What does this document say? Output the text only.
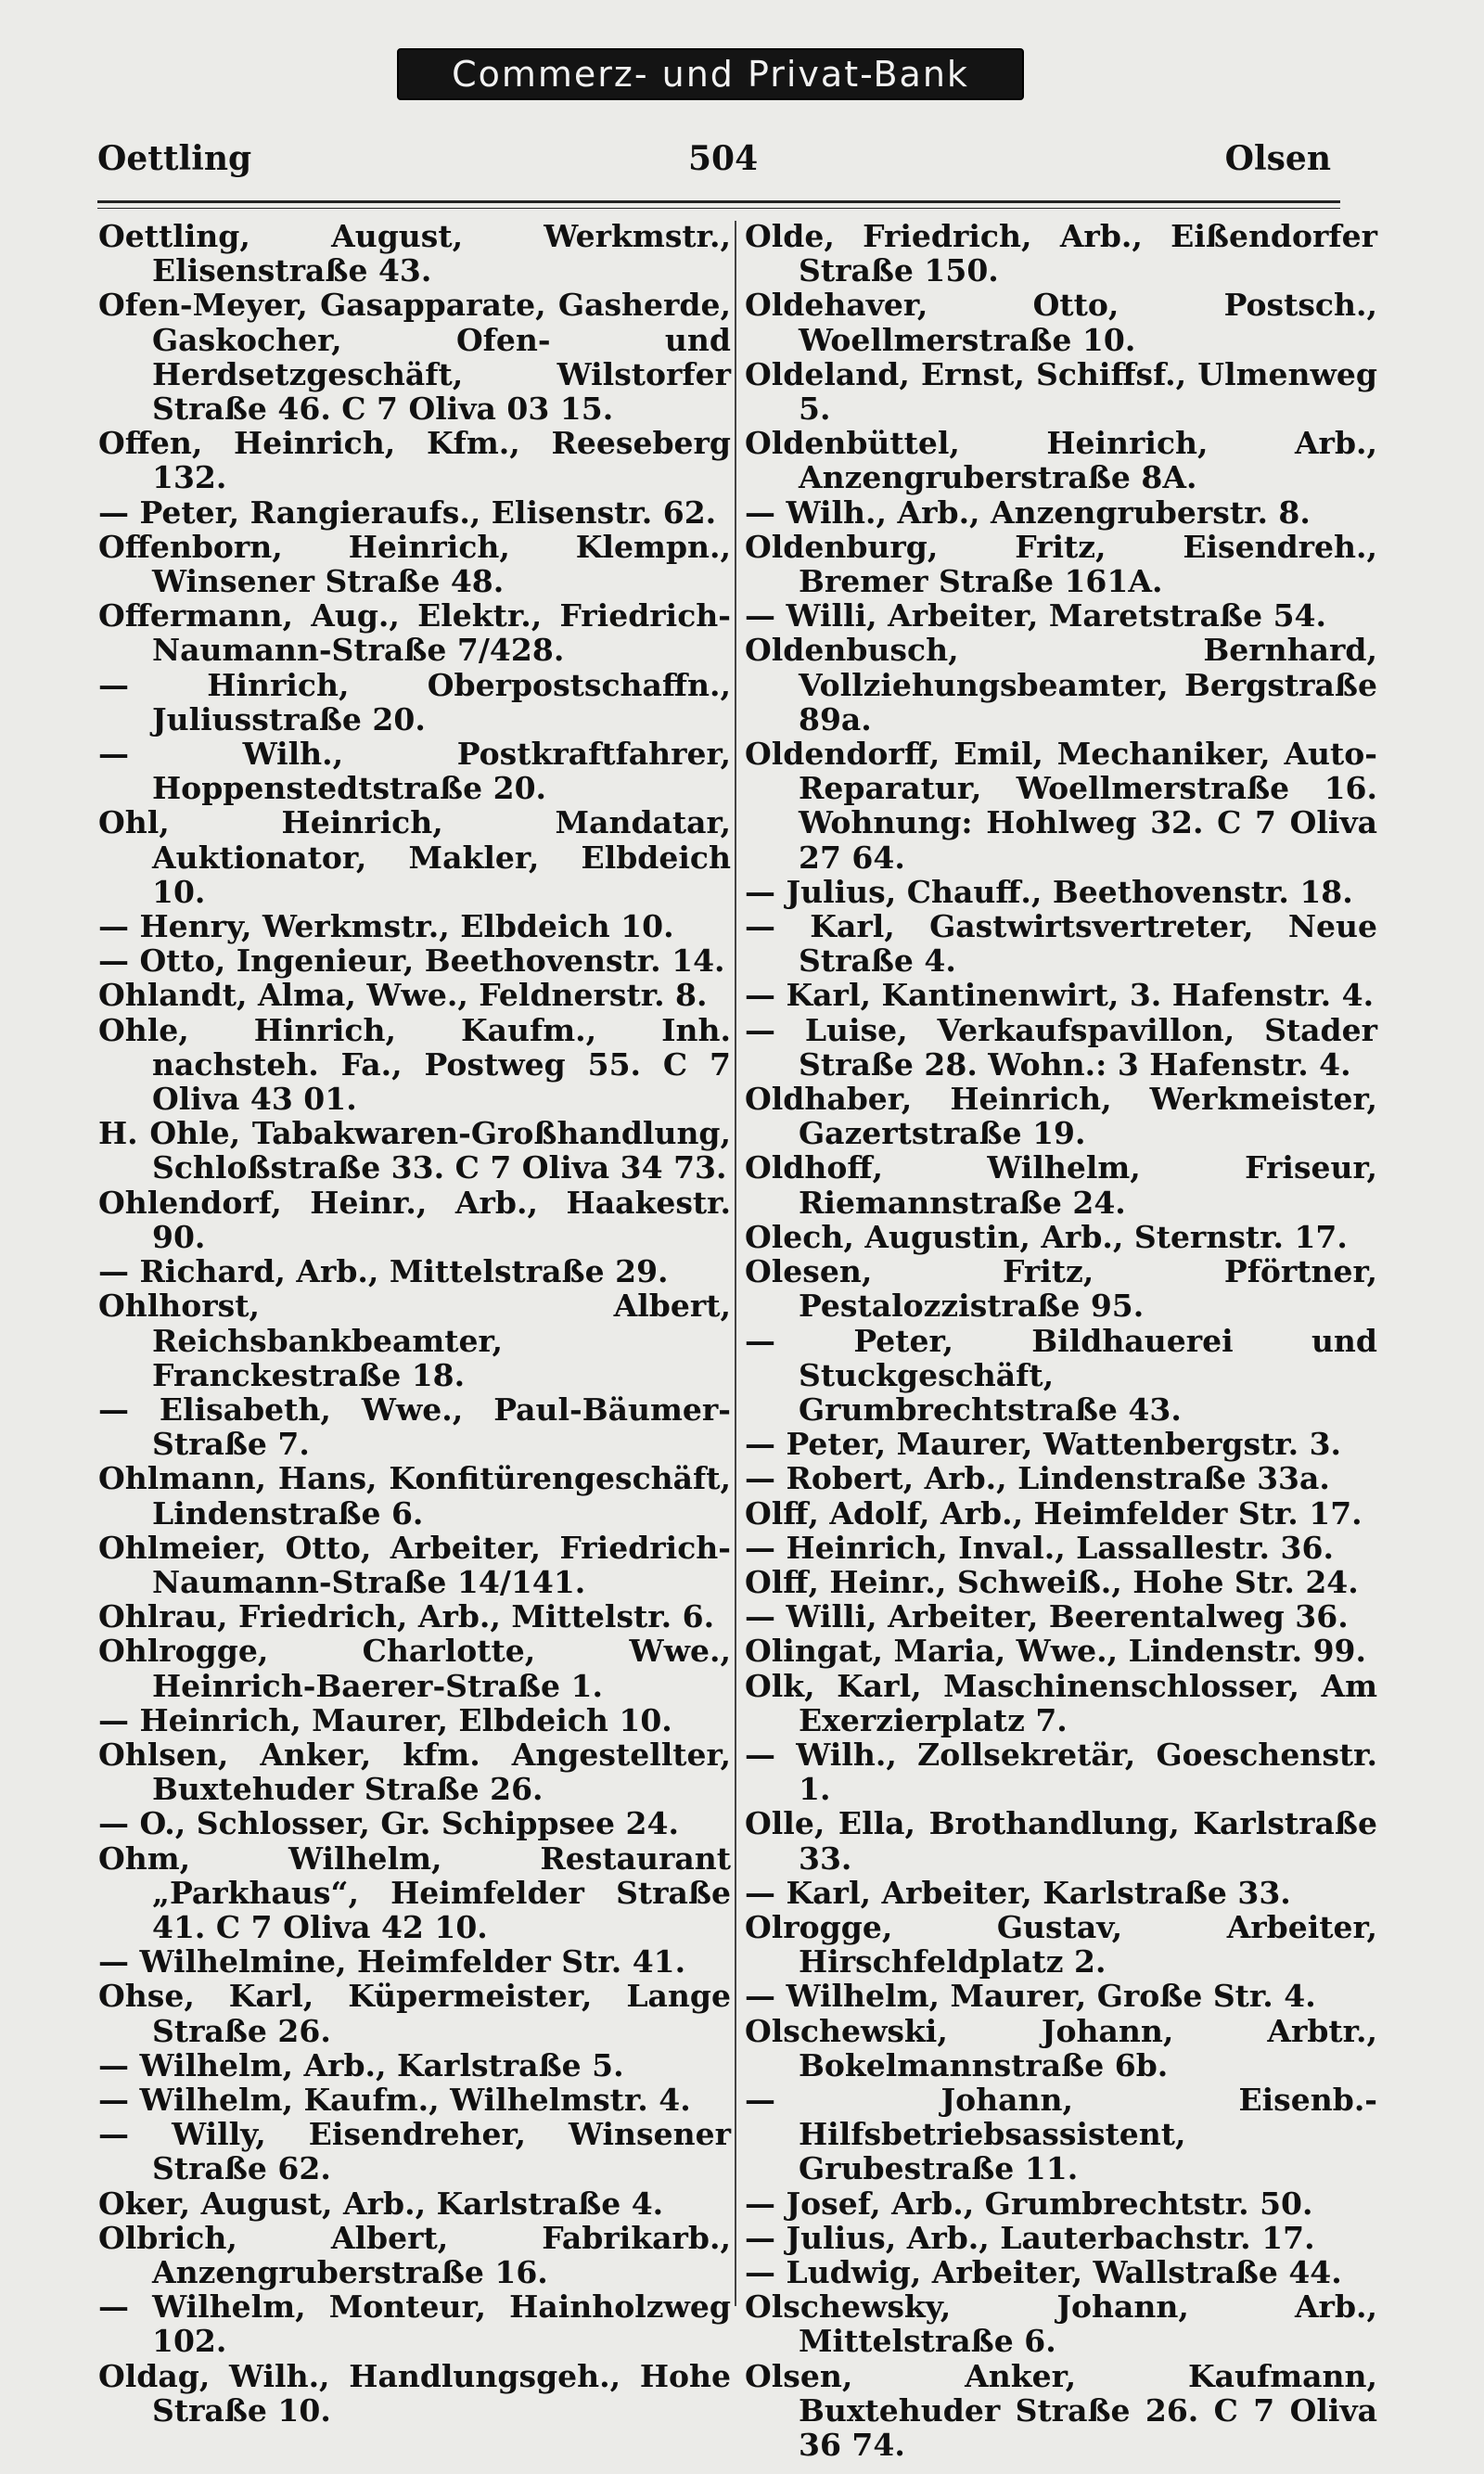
Commerz- und Privat-Bank
Oettling	504	Olsen

Oettling, August, Werkmstr., Elisenstraße 43.

Ofen-Meyer, Gasapparate, Gasherde, Gaskocher, Ofen- und Herdsetzgeschäft, Wilstorfer Straße 46. C 7 Oliva 03 15.

Offen, Heinrich, Kfm., Reeseberg 132.

— Peter, Rangieraufs., Elisenstr. 62.

Offenborn, Heinrich, Klempn., Winsener Straße 48.

Offermann, Aug., Elektr., Friedrich-Naumann-Straße 7/428.

— Hinrich, Oberpostschaffn., Juliusstraße 20.

— Wilh., Postkraftfahrer, Hoppenstedtstraße 20.

Ohl, Heinrich, Mandatar, Auktionator, Makler, Elbdeich 10.

— Henry, Werkmstr., Elbdeich 10.

— Otto, Ingenieur, Beethovenstr. 14.

Ohlandt, Alma, Wwe., Feldnerstr. 8.

Ohle, Hinrich, Kaufm., Inh. nachsteh. Fa., Postweg 55. C 7 Oliva 43 01.

H. Ohle, Tabakwaren-Großhandlung, Schloßstraße 33. C 7 Oliva 34 73.

Ohlendorf, Heinr., Arb., Haakestr. 90.

— Richard, Arb., Mittelstraße 29.

Ohlhorst, Albert, Reichsbankbeamter, Franckestraße 18.

— Elisabeth, Wwe., Paul-Bäumer-Straße 7.

Ohlmann, Hans, Konfitürengeschäft, Lindenstraße 6.

Ohlmeier, Otto, Arbeiter, Friedrich-Naumann-Straße 14/141.

Ohlrau, Friedrich, Arb., Mittelstr. 6.

Ohlrogge, Charlotte, Wwe., Heinrich-Baerer-Straße 1.

— Heinrich, Maurer, Elbdeich 10.

Ohlsen, Anker, kfm. Angestellter, Buxtehuder Straße 26.

— O., Schlosser, Gr. Schippsee 24.

Ohm, Wilhelm, Restaurant „Parkhaus“, Heimfelder Straße 41. C 7 Oliva 42 10.

— Wilhelmine, Heimfelder Str. 41.

Ohse, Karl, Küpermeister, Lange Straße 26.

— Wilhelm, Arb., Karlstraße 5.

— Wilhelm, Kaufm., Wilhelmstr. 4.

— Willy, Eisendreher, Winsener Straße 62.

Oker, August, Arb., Karlstraße 4.

Olbrich, Albert, Fabrikarb., Anzengruberstraße 16.

— Wilhelm, Monteur, Hainholzweg 102.

Oldag, Wilh., Handlungsgeh., Hohe Straße 10.

Olde, Friedrich, Arb., Eißendorfer Straße 150.

Oldehaver, Otto, Postsch., Woellmerstraße 10.

Oldeland, Ernst, Schiffsf., Ulmenweg 5.

Oldenbüttel, Heinrich, Arb., Anzengruberstraße 8A.

— Wilh., Arb., Anzengruberstr. 8.

Oldenburg, Fritz, Eisendreh., Bremer Straße 161A.

— Willi, Arbeiter, Maretstraße 54.

Oldenbusch, Bernhard, Vollziehungsbeamter, Bergstraße 89a.

Oldendorff, Emil, Mechaniker, Auto-Reparatur, Woellmerstraße 16. Wohnung: Hohlweg 32. C 7 Oliva 27 64.

— Julius, Chauff., Beethovenstr. 18.

— Karl, Gastwirtsvertreter, Neue Straße 4.

— Karl, Kantinenwirt, 3. Hafenstr. 4.

— Luise, Verkaufspavillon, Stader Straße 28. Wohn.: 3 Hafenstr. 4.

Oldhaber, Heinrich, Werkmeister, Gazertstraße 19.

Oldhoff, Wilhelm, Friseur, Riemannstraße 24.

Olech, Augustin, Arb., Sternstr. 17.

Olesen, Fritz, Pförtner, Pestalozzistraße 95.

— Peter, Bildhauerei und Stuckgeschäft, Grumbrechtstraße 43.

— Peter, Maurer, Wattenbergstr. 3.

— Robert, Arb., Lindenstraße 33a.

Olff, Adolf, Arb., Heimfelder Str. 17.

— Heinrich, Inval., Lassallestr. 36.

Olff, Heinr., Schweiß., Hohe Str. 24.

— Willi, Arbeiter, Beerentalweg 36.

Olingat, Maria, Wwe., Lindenstr. 99.

Olk, Karl, Maschinenschlosser, Am Exerzierplatz 7.

— Wilh., Zollsekretär, Goeschenstr. 1.

Olle, Ella, Brothandlung, Karlstraße 33.

— Karl, Arbeiter, Karlstraße 33.

Olrogge, Gustav, Arbeiter, Hirschfeldplatz 2.

— Wilhelm, Maurer, Große Str. 4.

Olschewski, Johann, Arbtr., Bokelmannstraße 6b.

— Johann, Eisenb.-Hilfsbetriebsassistent, Grubestraße 11.

— Josef, Arb., Grumbrechtstr. 50.

— Julius, Arb., Lauterbachstr. 17.

— Ludwig, Arbeiter, Wallstraße 44.

Olschewsky, Johann, Arb., Mittelstraße 6.

Olsen, Anker, Kaufmann, Buxtehuder Straße 26. C 7 Oliva 36 74.
